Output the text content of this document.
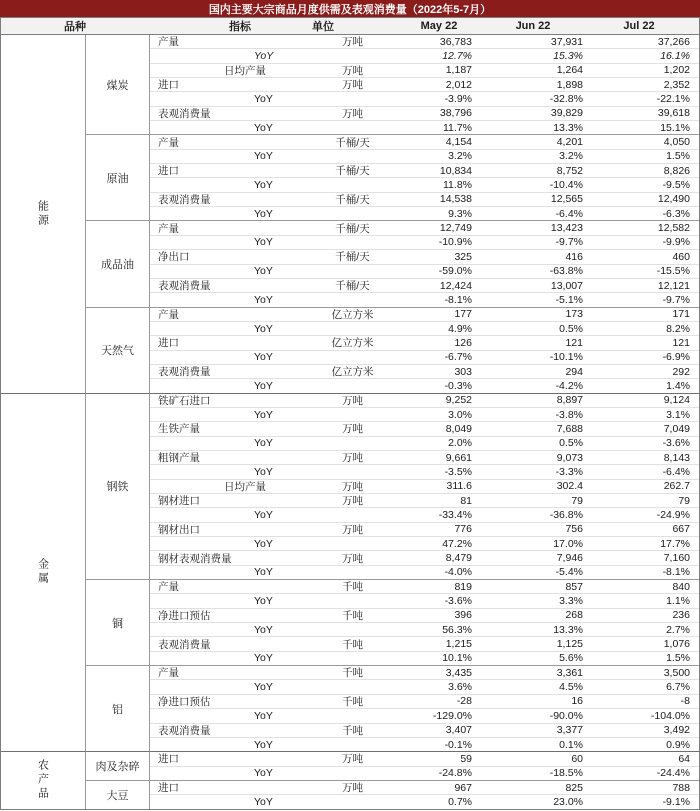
国内主要大宗商品月度供需及表观消费量（2022年5-7月）
品种	指标	单位	May 22	Jun 22	Jul 22
能源
煤炭
产量	万吨	36,783	37,931	37,266
YoY	12.7%	15.3%	16.1%
日均产量	万吨	1,187	1,264	1,202
进口	万吨	2,012	1,898	2,352
YoY	-3.9%	-32.8%	-22.1%
表观消费量	万吨	38,796	39,829	39,618
YoY	11.7%	13.3%	15.1%
原油
产量	千桶/天	4,154	4,201	4,050
YoY	3.2%	3.2%	1.5%
进口	千桶/天	10,834	8,752	8,826
YoY	11.8%	-10.4%	-9.5%
表观消费量	千桶/天	14,538	12,565	12,490
YoY	9.3%	-6.4%	-6.3%
成品油
产量	千桶/天	12,749	13,423	12,582
YoY	-10.9%	-9.7%	-9.9%
净出口	千桶/天	325	416	460
YoY	-59.0%	-63.8%	-15.5%
表观消费量	千桶/天	12,424	13,007	12,121
YoY	-8.1%	-5.1%	-9.7%
天然气
产量	亿立方米	177	173	171
YoY	4.9%	0.5%	8.2%
进口	亿立方米	126	121	121
YoY	-6.7%	-10.1%	-6.9%
表观消费量	亿立方米	303	294	292
YoY	-0.3%	-4.2%	1.4%
金属
钢铁
铁矿石进口	万吨	9,252	8,897	9,124
YoY	3.0%	-3.8%	3.1%
生铁产量	万吨	8,049	7,688	7,049
YoY	2.0%	0.5%	-3.6%
粗钢产量	万吨	9,661	9,073	8,143
YoY	-3.5%	-3.3%	-6.4%
日均产量	万吨	311.6	302.4	262.7
钢材进口	万吨	81	79	79
YoY	-33.4%	-36.8%	-24.9%
钢材出口	万吨	776	756	667
YoY	47.2%	17.0%	17.7%
钢材表观消费量	万吨	8,479	7,946	7,160
YoY	-4.0%	-5.4%	-8.1%
铜
产量	千吨	819	857	840
YoY	-3.6%	3.3%	1.1%
净进口预估	千吨	396	268	236
YoY	56.3%	13.3%	2.7%
表观消费量	千吨	1,215	1,125	1,076
YoY	10.1%	5.6%	1.5%
铝
产量	千吨	3,435	3,361	3,500
YoY	3.6%	4.5%	6.7%
净进口预估	千吨	-28	16	-8
YoY	-129.0%	-90.0%	-104.0%
表观消费量	千吨	3,407	3,377	3,492
YoY	-0.1%	0.1%	0.9%
农产品	肉及杂碎
进口	万吨	59	60	64
YoY	-24.8%	-18.5%	-24.4%
大豆
进口	万吨	967	825	788
YoY	0.7%	23.0%	-9.1%
